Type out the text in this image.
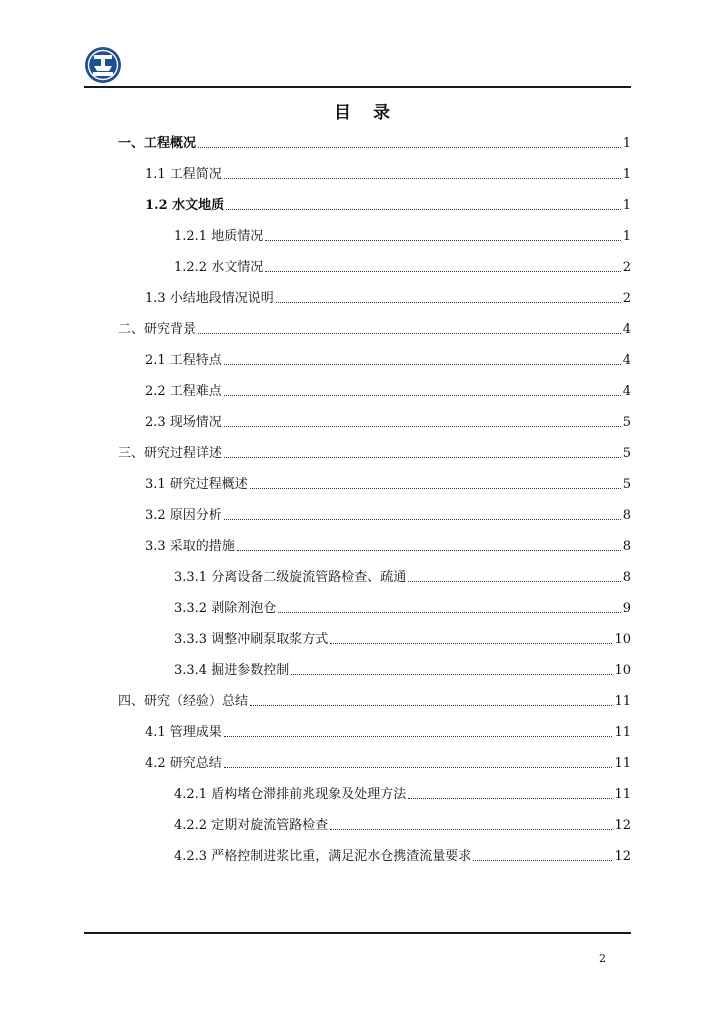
目录
一、工程概况	1
1.1 工程简况	1
1.2 水文地质	1
1.2.1 地质情况	1
1.2.2 水文情况	2
1.3 小结地段情况说明	2
二、研究背景	4
2.1 工程特点	4
2.2 工程难点	4
2.3 现场情况	5
三、研究过程详述	5
3.1 研究过程概述	5
3.2 原因分析	8
3.3 采取的措施	8
3.3.1 分离设备二级旋流管路检查、疏通	8
3.3.2 剥除剂泡仓	9
3.3.3 调整冲刷泵取浆方式	10
3.3.4 掘进参数控制	10
四、研究（经验）总结	11
4.1 管理成果	11
4.2 研究总结	11
4.2.1 盾构堵仓滞排前兆现象及处理方法	11
4.2.2 定期对旋流管路检查	12
4.2.3 严格控制进浆比重，满足泥水仓携渣流量要求	12
2
